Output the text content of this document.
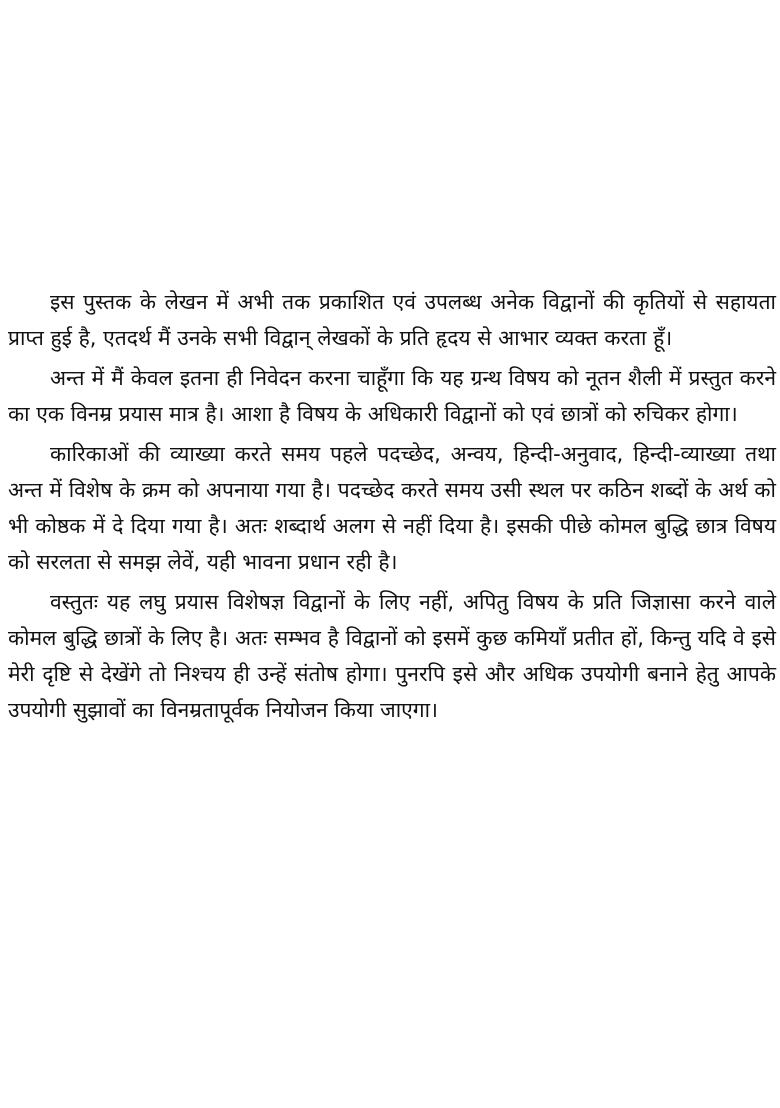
इस पुस्तक के लेखन में अभी तक प्रकाशित एवं उपलब्ध अनेक विद्वानों की कृतियों से सहायता प्राप्त हुई है, एतदर्थ मैं उनके सभी विद्वान् लेखकों के प्रति हृदय से आभार व्यक्त करता हूँ।

अन्त में मैं केवल इतना ही निवेदन करना चाहूँगा कि यह ग्रन्थ विषय को नूतन शैली में प्रस्तुत करने का एक विनम्र प्रयास मात्र है। आशा है विषय के अधिकारी विद्वानों को एवं छात्रों को रुचिकर होगा।

कारिकाओं की व्याख्या करते समय पहले पदच्छेद, अन्वय, हिन्दी-अनुवाद, हिन्दी-व्याख्या तथा अन्त में विशेष के क्रम को अपनाया गया है। पदच्छेद करते समय उसी स्थल पर कठिन शब्दों के अर्थ को भी कोष्ठक में दे दिया गया है। अतः शब्दार्थ अलग से नहीं दिया है। इसकी पीछे कोमल बुद्धि छात्र विषय को सरलता से समझ लेवें, यही भावना प्रधान रही है।

वस्तुतः यह लघु प्रयास विशेषज्ञ विद्वानों के लिए नहीं, अपितु विषय के प्रति जिज्ञासा करने वाले कोमल बुद्धि छात्रों के लिए है। अतः सम्भव है विद्वानों को इसमें कुछ कमियाँ प्रतीत हों, किन्तु यदि वे इसे मेरी दृष्टि से देखेंगे तो निश्चय ही उन्हें संतोष होगा। पुनरपि इसे और अधिक उपयोगी बनाने हेतु आपके उपयोगी सुझावों का विनम्रतापूर्वक नियोजन किया जाएगा।
